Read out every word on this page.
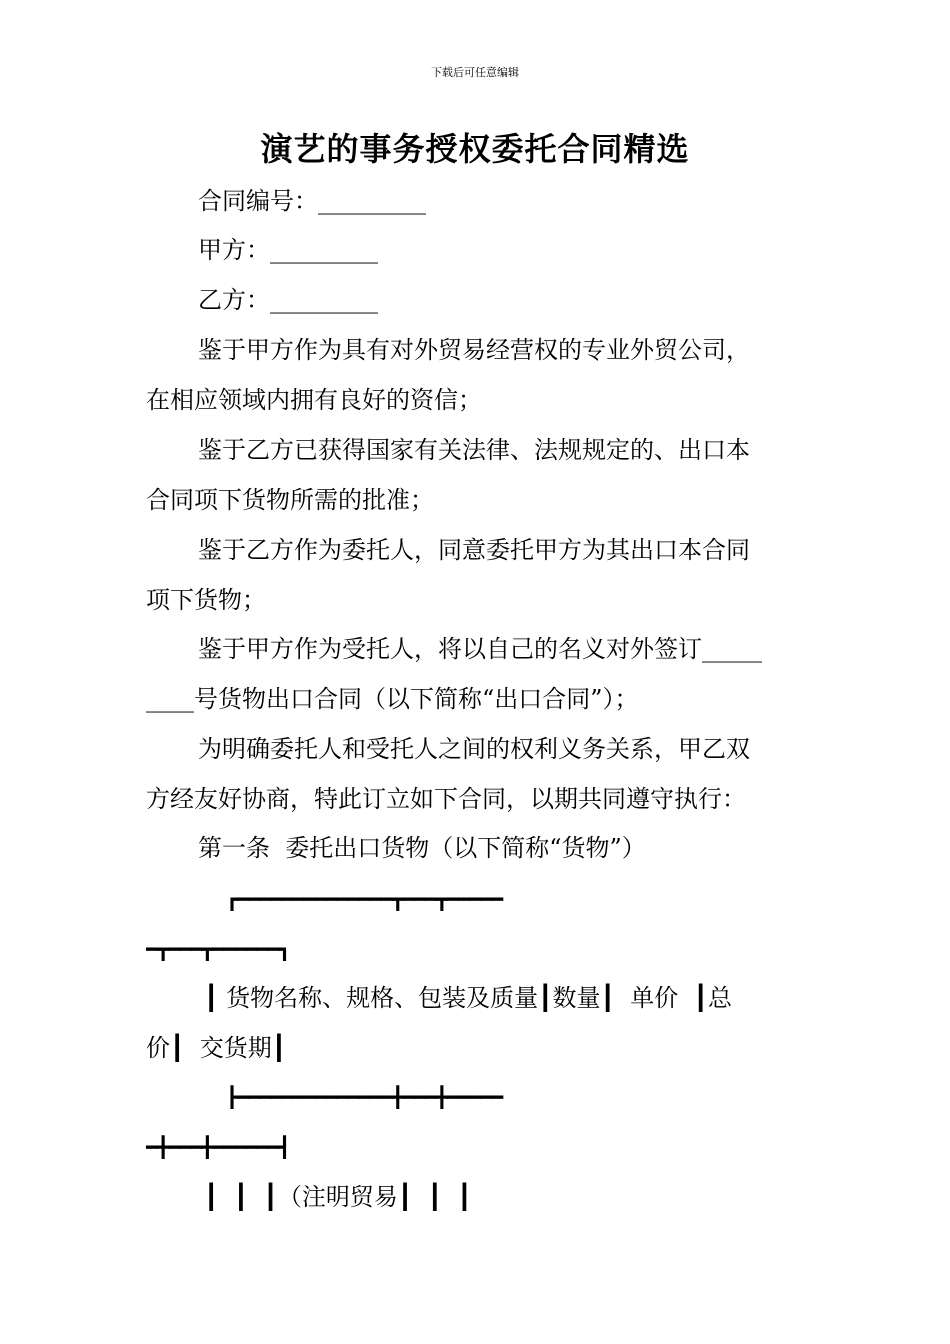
下载后可任意编辑
演艺的事务授权委托合同精选
合同编号：_________
甲方：_________
乙方：_________
鉴于甲方作为具有对外贸易经营权的专业外贸公司，
在相应领域内拥有良好的资信；
鉴于乙方已获得国家有关法律、法规规定的、出口本
合同项下货物所需的批准；
鉴于乙方作为委托人，同意委托甲方为其出口本合同
项下货物；
鉴于甲方作为受托人，将以自己的名义对外签订_____
____号货物出口合同（以下简称“出口合同”）；
为明确委托人和受托人之间的权利义务关系，甲乙双
方经友好协商，特此订立如下合同，以期共同遵守执行：
第一条  委托出口货物（以下简称“货物”）
┏━━━━━━━━━━━━━━┳━━━┳━━━━━
━┳━━━┳━━━━━━┓
┃ 货物名称、规格、包装及质量┃数量┃  单价  ┃总
价┃  交货期┃
┣━━━━━━━━━━━━━━╋━━━╋━━━━━
━╋━━━╋━━━━━━┫
┃  ┃  ┃（注明贸易┃  ┃  ┃
